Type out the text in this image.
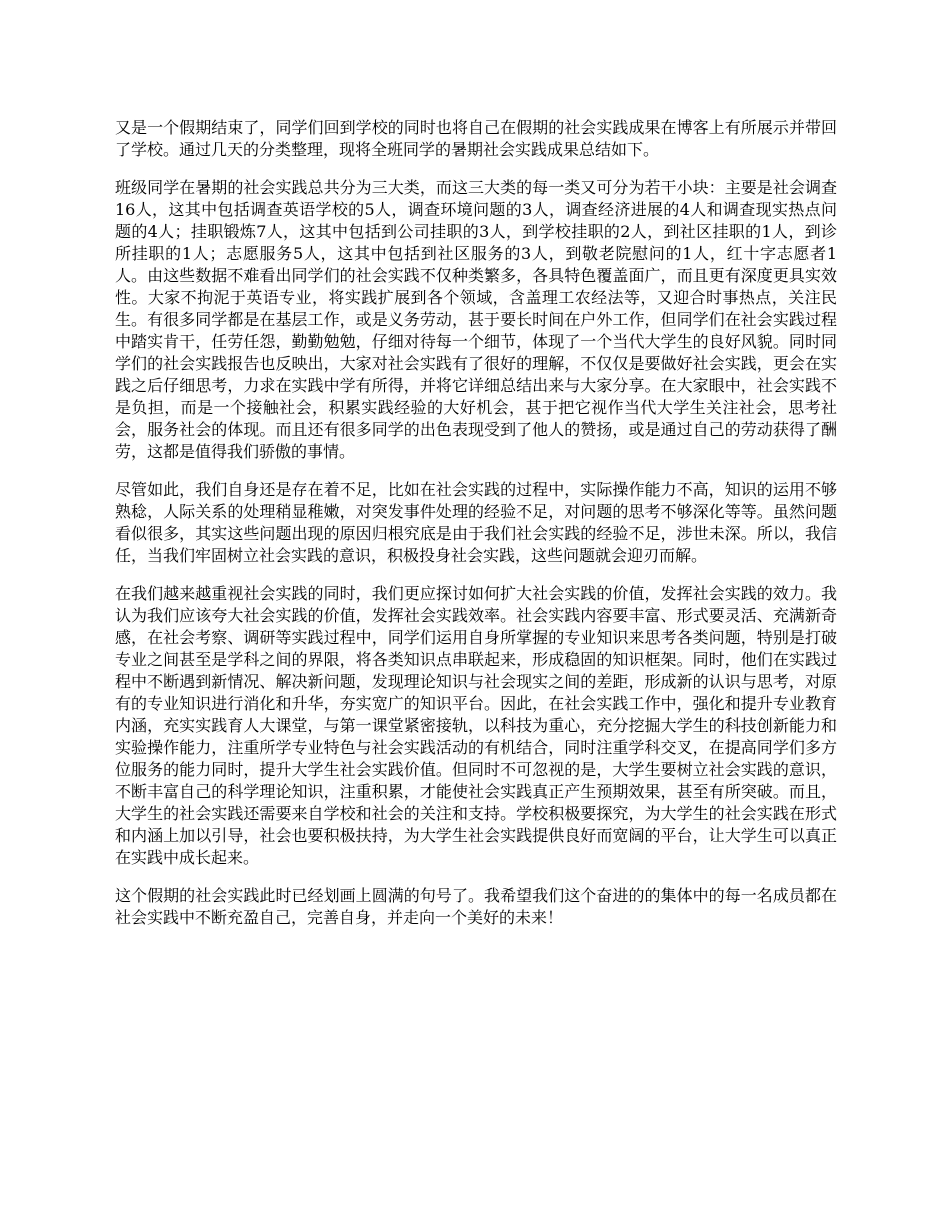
又是一个假期结束了，同学们回到学校的同时也将自己在假期的社会实践成果在博客上有所展示并带回了学校。通过几天的分类整理，现将全班同学的暑期社会实践成果总结如下。

班级同学在暑期的社会实践总共分为三大类，而这三大类的每一类又可分为若干小块：主要是社会调查16人，这其中包括调查英语学校的5人，调查环境问题的3人，调查经济进展的4人和调查现实热点问题的4人；挂职锻炼7人，这其中包括到公司挂职的3人，到学校挂职的2人，到社区挂职的1人，到诊所挂职的1人；志愿服务5人，这其中包括到社区服务的3人，到敬老院慰问的1人，红十字志愿者1人。由这些数据不难看出同学们的社会实践不仅种类繁多，各具特色覆盖面广，而且更有深度更具实效性。大家不拘泥于英语专业，将实践扩展到各个领域，含盖理工农经法等，又迎合时事热点，关注民生。有很多同学都是在基层工作，或是义务劳动，甚于要长时间在户外工作，但同学们在社会实践过程中踏实肯干，任劳任怨，勤勤勉勉，仔细对待每一个细节，体现了一个当代大学生的良好风貌。同时同学们的社会实践报告也反映出，大家对社会实践有了很好的理解，不仅仅是要做好社会实践，更会在实践之后仔细思考，力求在实践中学有所得，并将它详细总结出来与大家分享。在大家眼中，社会实践不是负担，而是一个接触社会，积累实践经验的大好机会，甚于把它视作当代大学生关注社会，思考社会，服务社会的体现。而且还有很多同学的出色表现受到了他人的赞扬，或是通过自己的劳动获得了酬劳，这都是值得我们骄傲的事情。

尽管如此，我们自身还是存在着不足，比如在社会实践的过程中，实际操作能力不高，知识的运用不够熟稔，人际关系的处理稍显稚嫩，对突发事件处理的经验不足，对问题的思考不够深化等等。虽然问题看似很多，其实这些问题出现的原因归根究底是由于我们社会实践的经验不足，涉世未深。所以，我信任，当我们牢固树立社会实践的意识，积极投身社会实践，这些问题就会迎刃而解。

在我们越来越重视社会实践的同时，我们更应探讨如何扩大社会实践的价值，发挥社会实践的效力。我认为我们应该夸大社会实践的价值，发挥社会实践效率。社会实践内容要丰富、形式要灵活、充满新奇感，在社会考察、调研等实践过程中，同学们运用自身所掌握的专业知识来思考各类问题，特别是打破专业之间甚至是学科之间的界限，将各类知识点串联起来，形成稳固的知识框架。同时，他们在实践过程中不断遇到新情况、解决新问题，发现理论知识与社会现实之间的差距，形成新的认识与思考，对原有的专业知识进行消化和升华，夯实宽广的知识平台。因此，在社会实践工作中，强化和提升专业教育内涵，充实实践育人大课堂，与第一课堂紧密接轨，以科技为重心，充分挖掘大学生的科技创新能力和实验操作能力，注重所学专业特色与社会实践活动的有机结合，同时注重学科交叉，在提高同学们多方位服务的能力同时，提升大学生社会实践价值。但同时不可忽视的是，大学生要树立社会实践的意识，不断丰富自己的科学理论知识，注重积累，才能使社会实践真正产生预期效果，甚至有所突破。而且，大学生的社会实践还需要来自学校和社会的关注和支持。学校积极要探究，为大学生的社会实践在形式和内涵上加以引导，社会也要积极扶持，为大学生社会实践提供良好而宽阔的平台，让大学生可以真正在实践中成长起来。

这个假期的社会实践此时已经划画上圆满的句号了。我希望我们这个奋进的的集体中的每一名成员都在社会实践中不断充盈自己，完善自身，并走向一个美好的未来！
